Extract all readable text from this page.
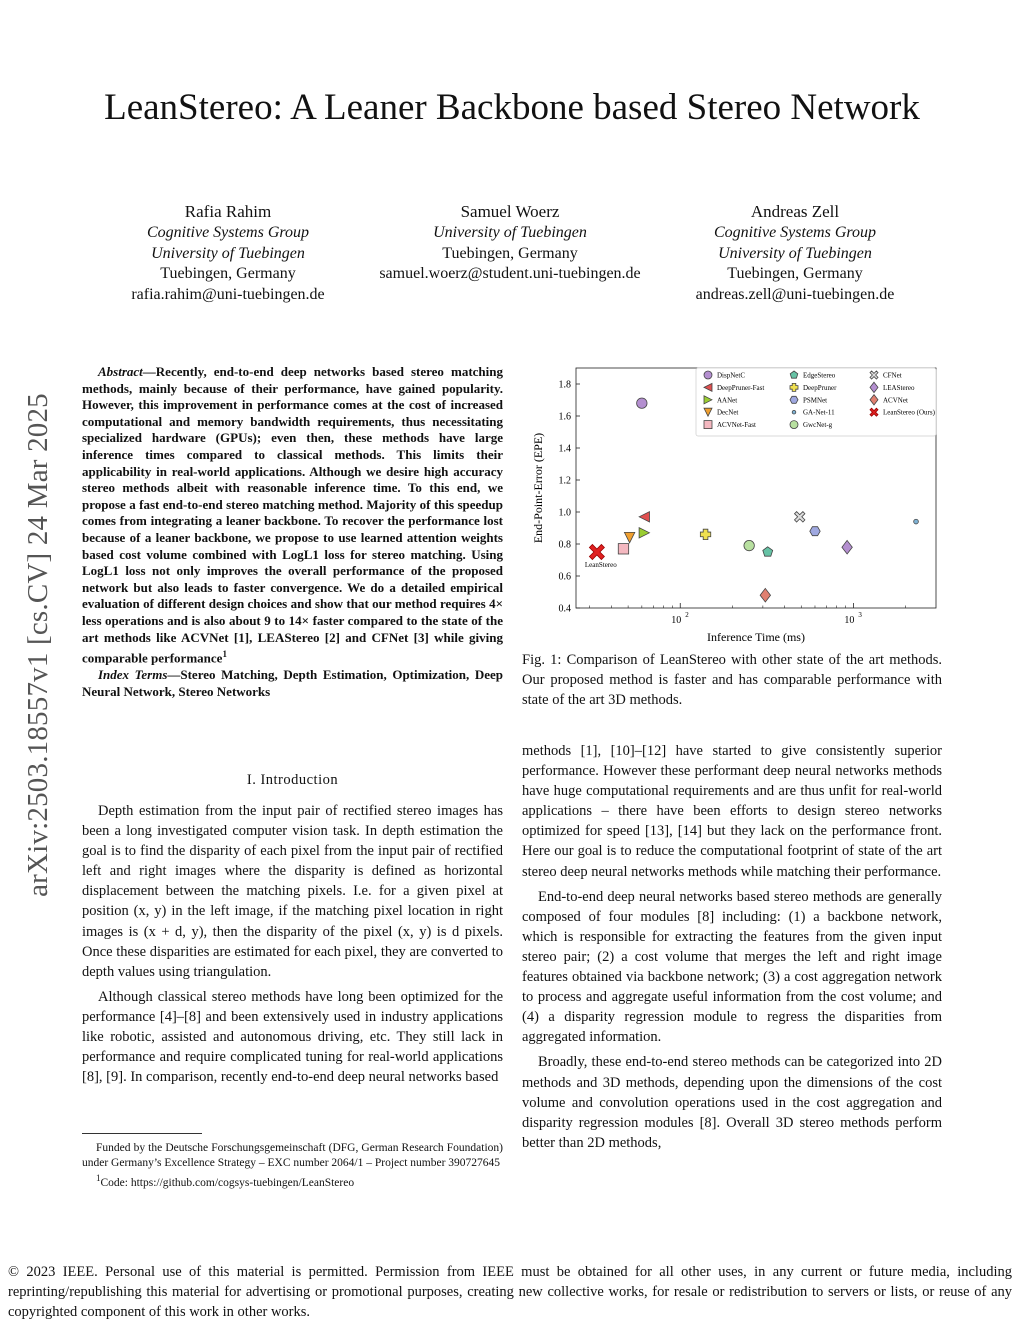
LeanStereo: A Leaner Backbone based Stereo Network
arXiv:2503.18557v1 [cs.CV] 24 Mar 2025
Rafia Rahim
Cognitive Systems Group
University of Tuebingen
Tuebingen, Germany
rafia.rahim@uni-tuebingen.de
Samuel Woerz
University of Tuebingen
Tuebingen, Germany
samuel.woerz@student.uni-tuebingen.de
Andreas Zell
Cognitive Systems Group
University of Tuebingen
Tuebingen, Germany
andreas.zell@uni-tuebingen.de
Abstract—Recently, end-to-end deep networks based stereo matching methods, mainly because of their performance, have gained popularity. However, this improvement in performance comes at the cost of increased computational and memory bandwidth requirements, thus necessitating specialized hardware (GPUs); even then, these methods have large inference times compared to classical methods. This limits their applicability in real-world applications. Although we desire high accuracy stereo methods albeit with reasonable inference time. To this end, we propose a fast end-to-end stereo matching method. Majority of this speedup comes from integrating a leaner backbone. To recover the performance lost because of a leaner backbone, we propose to use learned attention weights based cost volume combined with LogL1 loss for stereo matching. Using LogL1 loss not only improves the overall performance of the proposed network but also leads to faster convergence. We do a detailed empirical evaluation of different design choices and show that our method requires 4× less operations and is also about 9 to 14× faster compared to the state of the art methods like ACVNet [1], LEAStereo [2] and CFNet [3] while giving comparable performance$^1$
Index Terms—Stereo Matching, Depth Estimation, Optimization, Deep Neural Network, Stereo Networks
I. Introduction

Depth estimation from the input pair of rectified stereo images has been a long investigated computer vision task. In depth estimation the goal is to find the disparity of each pixel from the input pair of rectified left and right images where the disparity is defined as horizontal displacement between the matching pixels. I.e. for a given pixel at position (x, y) in the left image, if the matching pixel location in right images is (x + d, y), then the disparity of the pixel (x, y) is d pixels. Once these disparities are estimated for each pixel, they are converted to depth values using triangulation.

Although classical stereo methods have long been optimized for the performance [4]–[8] and been extensively used in industry applications like robotic, assisted and autonomous driving, etc. They still lack in performance and require complicated tuning for real-world applications [8], [9]. In comparison, recently end-to-end deep neural networks based

Funded by the Deutsche Forschungsgemeinschaft (DFG, German Research Foundation) under Germany’s Excellence Strategy – EXC number 2064/1 – Project number 390727645

$^1$Code: https://github.com/cogsys-tuebingen/LeanStereo

0.4
0.6
0.8
1.0
1.2
1.4
1.6
1.8
10 2	10 3
DispNetC
DeepPruner-Fast
AANet
DecNet
ACVNet-Fast
EdgeStereo
DeepPruner
PSMNet
GA-Net-11
GwcNet-g
CFNet
LEAStereo
ACVNet
LeanStereo (Ours)
LeanStereo
Inference Time (ms)
End-Point-Error (EPE)
Fig. 1: Comparison of LeanStereo with other state of the art methods. Our proposed method is faster and has comparable performance with state of the art 3D methods.

methods [1], [10]–[12] have started to give consistently superior performance. However these performant deep neural networks methods have huge computational requirements and are thus unfit for real-world applications – there have been efforts to design stereo networks optimized for speed [13], [14] but they lack on the performance front. Here our goal is to reduce the computational footprint of state of the art stereo deep neural networks methods while matching their performance.

End-to-end deep neural networks based stereo methods are generally composed of four modules [8] including: (1) a backbone network, which is responsible for extracting the features from the given input stereo pair; (2) a cost volume that merges the left and right image features obtained via backbone network; (3) a cost aggregation network to process and aggregate useful information from the cost volume; and (4) a disparity regression module to regress the disparities from aggregated information.

Broadly, these end-to-end stereo methods can be categorized into 2D methods and 3D methods, depending upon the dimensions of the cost volume and convolution operations used in the cost aggregation and disparity regression modules [8]. Overall 3D stereo methods perform better than 2D methods,

© 2023 IEEE. Personal use of this material is permitted. Permission from IEEE must be obtained for all other uses, in any current or future media, including reprinting/republishing this material for advertising or promotional purposes, creating new collective works, for resale or redistribution to servers or lists, or reuse of any copyrighted component of this work in other works.
